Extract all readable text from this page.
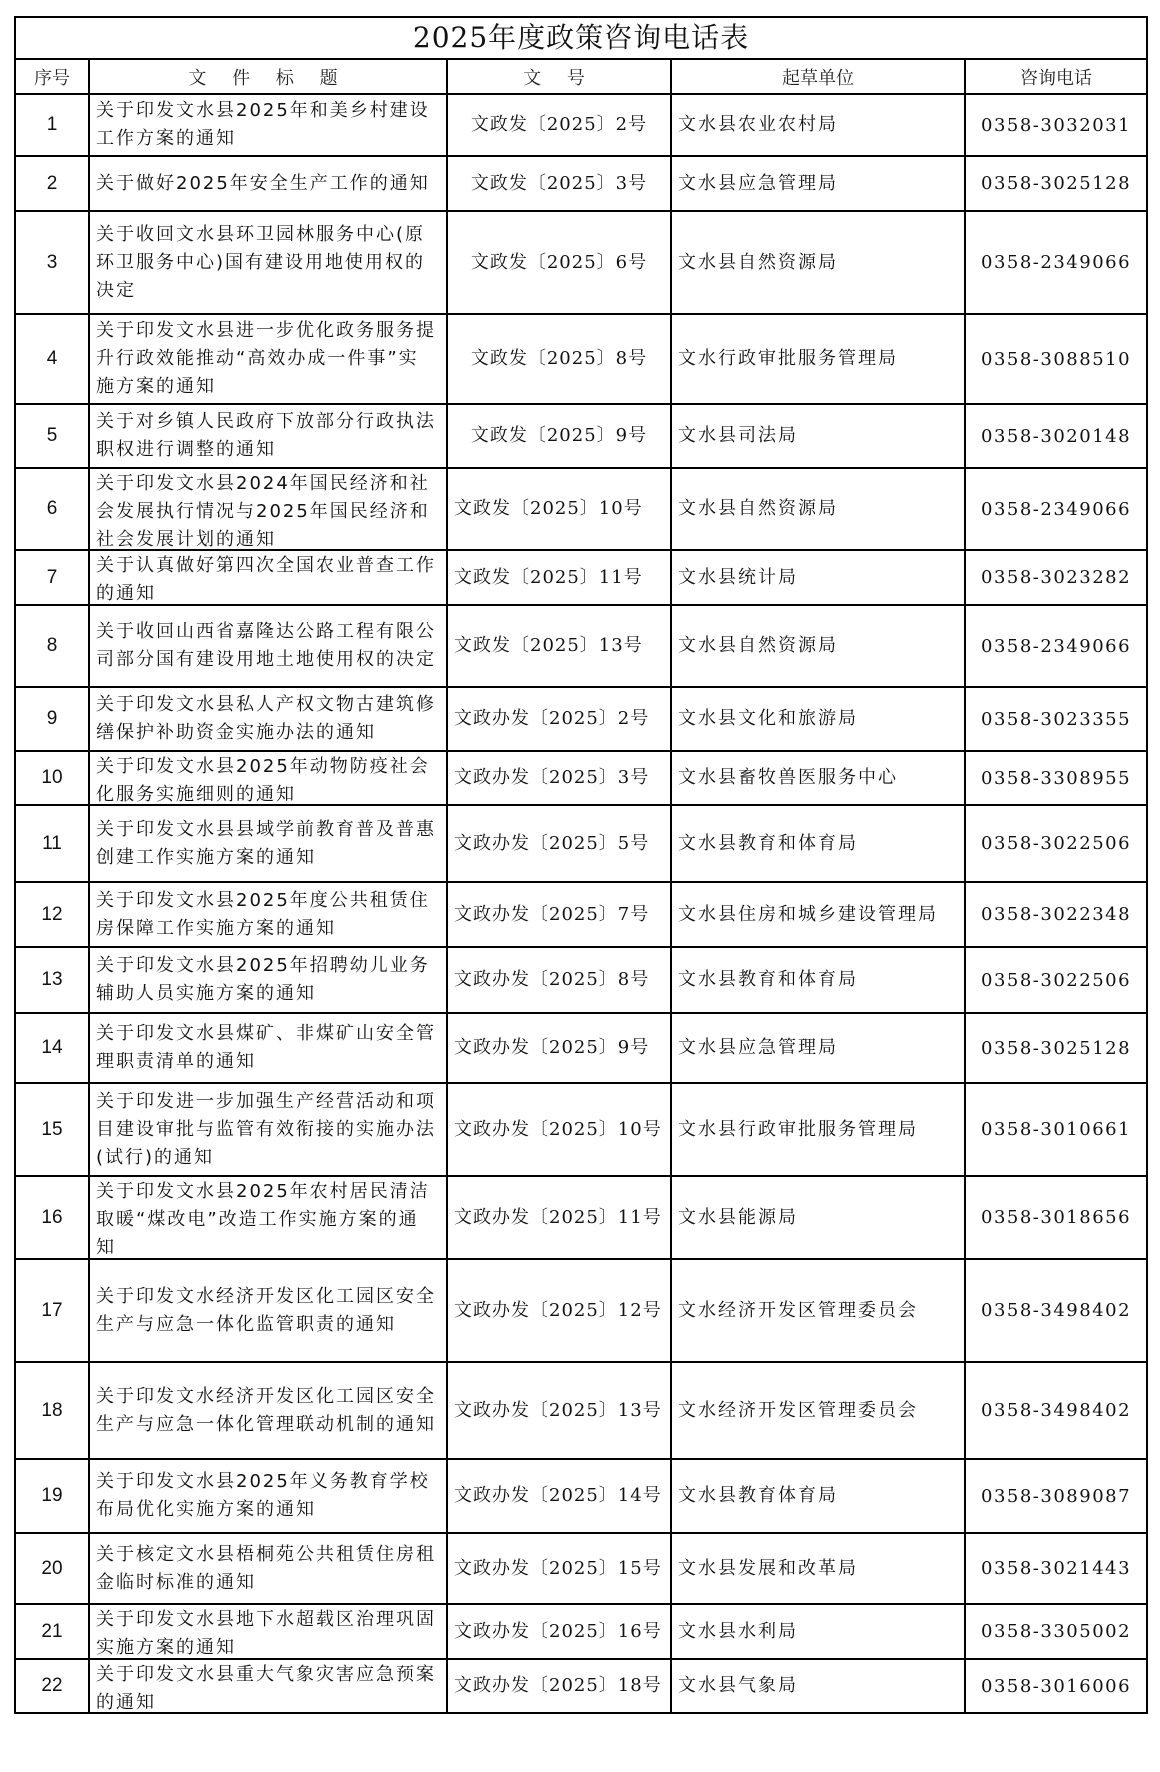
2025年度政策咨询电话表				
序号	文 件 标 题	文 号	起草单位	咨询电话
1	关于印发文水县2025年和美乡村建设工作方案的通知	文政发〔2025〕2号	文水县农业农村局	0358-3032031
2	关于做好2025年安全生产工作的通知	文政发〔2025〕3号	文水县应急管理局	0358-3025128
3	关于收回文水县环卫园林服务中心(原环卫服务中心)国有建设用地使用权的决定	文政发〔2025〕6号	文水县自然资源局	0358-2349066
4	关于印发文水县进一步优化政务服务提升行政效能推动“高效办成一件事”实施方案的通知	文政发〔2025〕8号	文水行政审批服务管理局	0358-3088510
5	关于对乡镇人民政府下放部分行政执法职权进行调整的通知	文政发〔2025〕9号	文水县司法局	0358-3020148
6	关于印发文水县2024年国民经济和社会发展执行情况与2025年国民经济和社会发展计划的通知	文政发〔2025〕10号	文水县自然资源局	0358-2349066
7	关于认真做好第四次全国农业普查工作的通知	文政发〔2025〕11号	文水县统计局	0358-3023282
8	关于收回山西省嘉隆达公路工程有限公司部分国有建设用地土地使用权的决定	文政发〔2025〕13号	文水县自然资源局	0358-2349066
9	关于印发文水县私人产权文物古建筑修缮保护补助资金实施办法的通知	文政办发〔2025〕2号	文水县文化和旅游局	0358-3023355
10	关于印发文水县2025年动物防疫社会化服务实施细则的通知	文政办发〔2025〕3号	文水县畜牧兽医服务中心	0358-3308955
11	关于印发文水县县域学前教育普及普惠创建工作实施方案的通知	文政办发〔2025〕5号	文水县教育和体育局	0358-3022506
12	关于印发文水县2025年度公共租赁住房保障工作实施方案的通知	文政办发〔2025〕7号	文水县住房和城乡建设管理局	0358-3022348
13	关于印发文水县2025年招聘幼儿业务辅助人员实施方案的通知	文政办发〔2025〕8号	文水县教育和体育局	0358-3022506
14	关于印发文水县煤矿、非煤矿山安全管理职责清单的通知	文政办发〔2025〕9号	文水县应急管理局	0358-3025128
15	关于印发进一步加强生产经营活动和项目建设审批与监管有效衔接的实施办法(试行)的通知	文政办发〔2025〕10号	文水县行政审批服务管理局	0358-3010661
16	关于印发文水县2025年农村居民清洁取暖“煤改电”改造工作实施方案的通知	文政办发〔2025〕11号	文水县能源局	0358-3018656
17	关于印发文水经济开发区化工园区安全生产与应急一体化监管职责的通知	文政办发〔2025〕12号	文水经济开发区管理委员会	0358-3498402
18	关于印发文水经济开发区化工园区安全生产与应急一体化管理联动机制的通知	文政办发〔2025〕13号	文水经济开发区管理委员会	0358-3498402
19	关于印发文水县2025年义务教育学校布局优化实施方案的通知	文政办发〔2025〕14号	文水县教育体育局	0358-3089087
20	关于核定文水县梧桐苑公共租赁住房租金临时标准的通知	文政办发〔2025〕15号	文水县发展和改革局	0358-3021443
21	关于印发文水县地下水超载区治理巩固实施方案的通知	文政办发〔2025〕16号	文水县水利局	0358-3305002
22	关于印发文水县重大气象灾害应急预案的通知	文政办发〔2025〕18号	文水县气象局	0358-3016006
